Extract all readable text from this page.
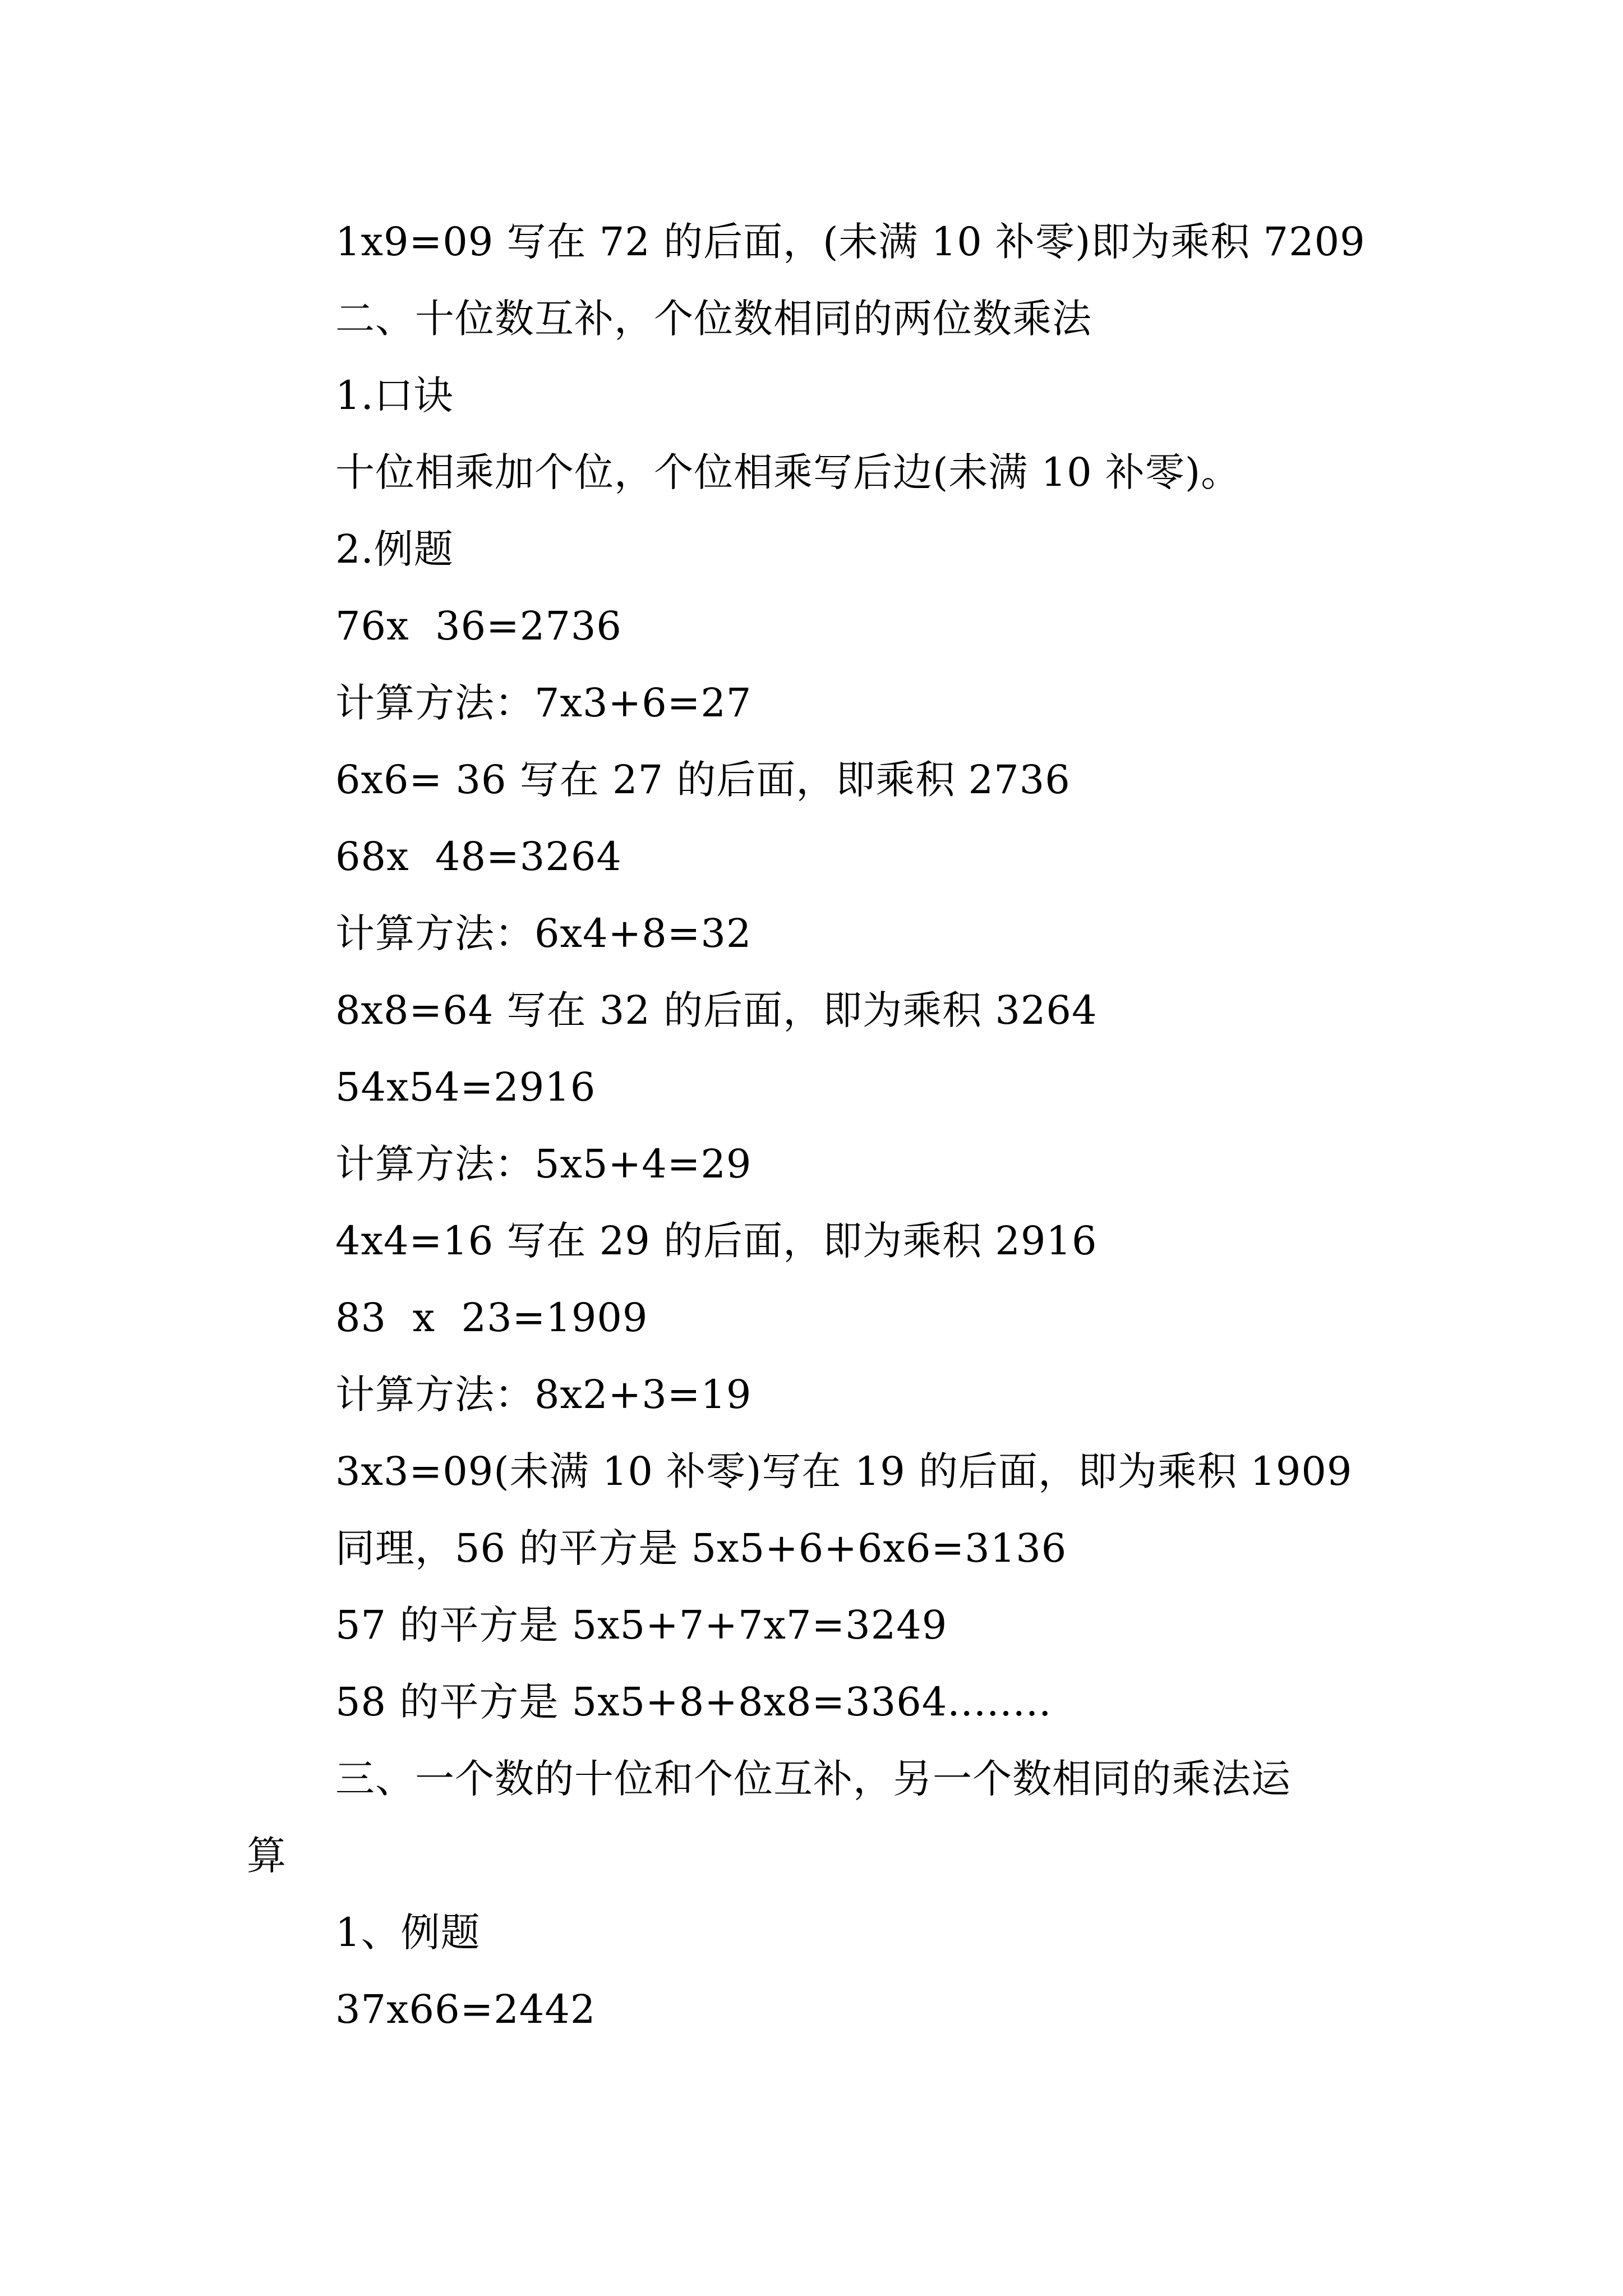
1x9=09 写在 72 的后面，(未满 10 补零)即为乘积 7209
二、十位数互补，个位数相同的两位数乘法
1.口诀
十位相乘加个位，个位相乘写后边(未满 10 补零)。
2.例题
76x  36=2736
计算方法：7x3+6=27
6x6= 36 写在 27 的后面，即乘积 2736
68x  48=3264
计算方法：6x4+8=32
8x8=64 写在 32 的后面，即为乘积 3264
54x54=2916
计算方法：5x5+4=29
4x4=16 写在 29 的后面，即为乘积 2916
83  x  23=1909
计算方法：8x2+3=19
3x3=09(未满 10 补零)写在 19 的后面，即为乘积 1909
同理，56 的平方是 5x5+6+6x6=3136
57 的平方是 5x5+7+7x7=3249
58 的平方是 5x5+8+8x8=3364........
三、一个数的十位和个位互补，另一个数相同的乘法运
算
1、例题
37x66=2442
